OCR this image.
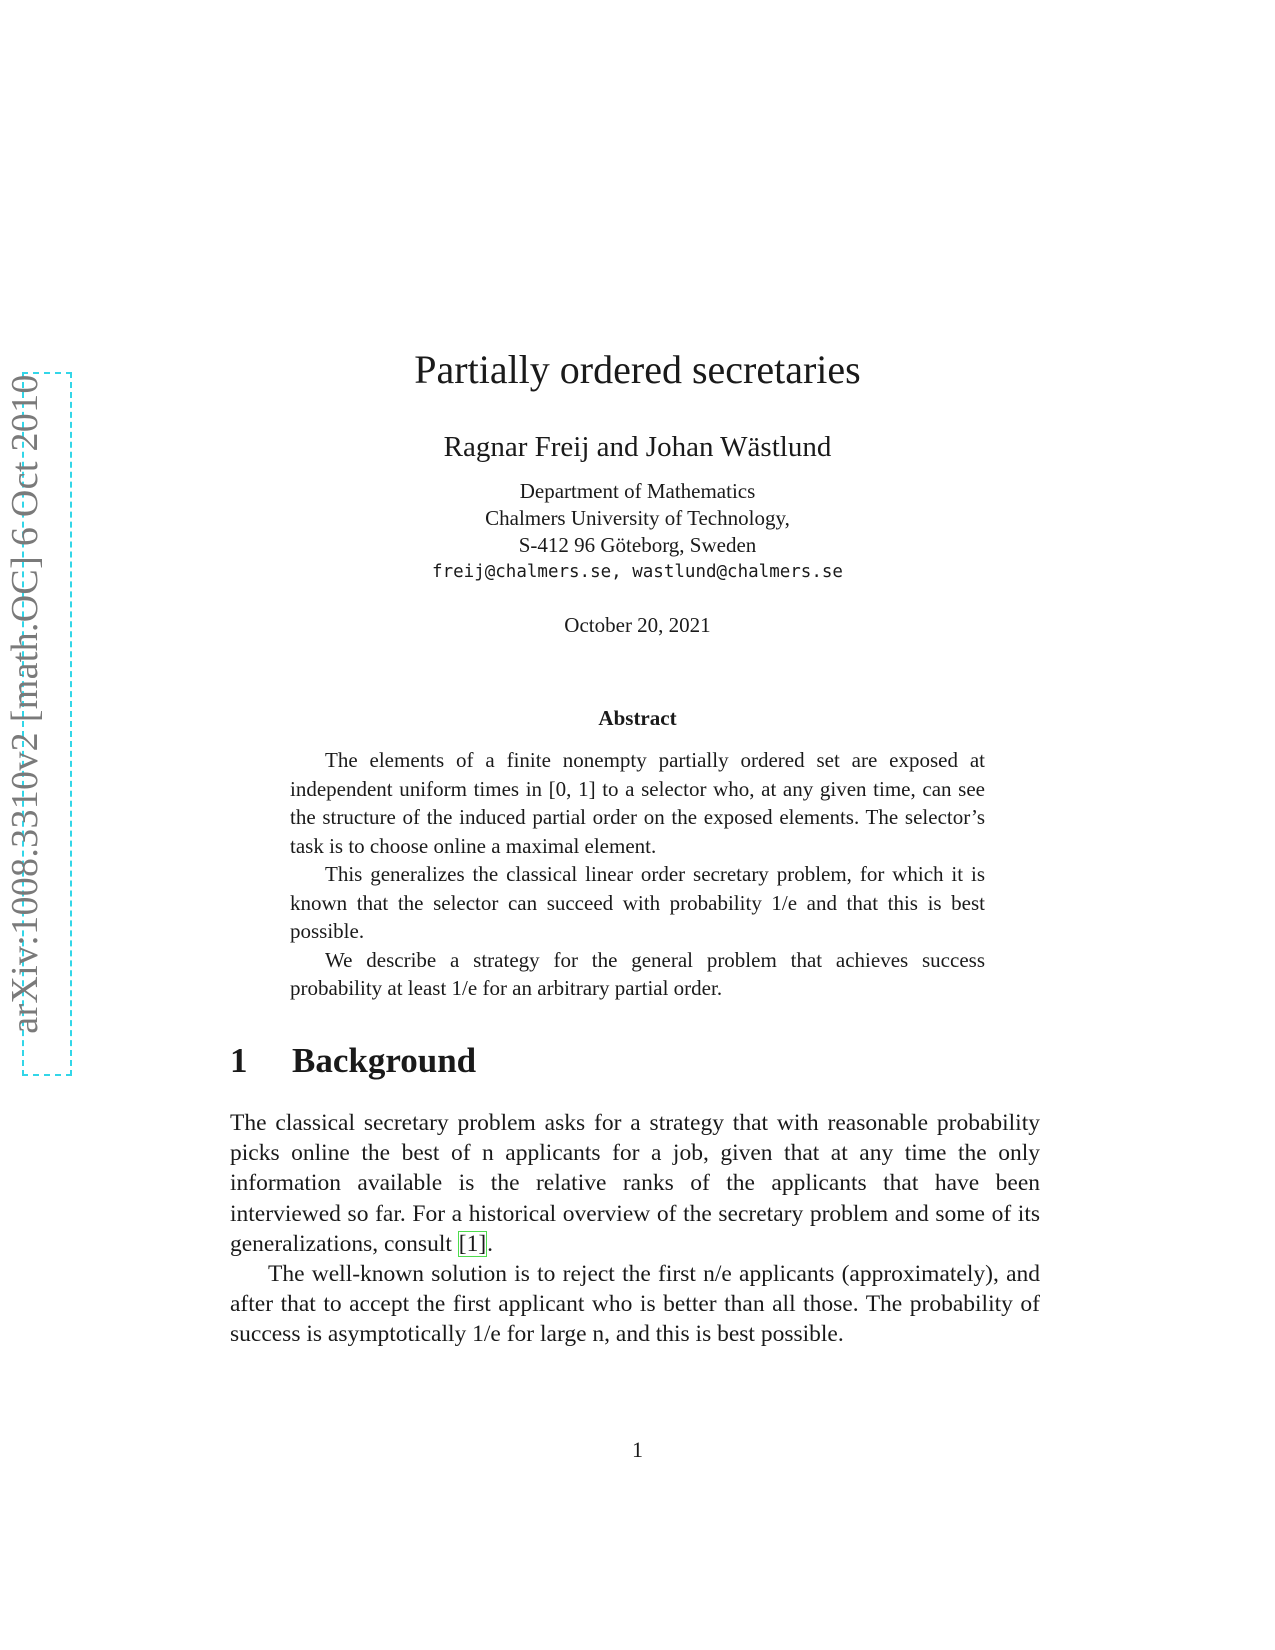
arXiv:1008.3310v2 [math.OC] 6 Oct 2010
Partially ordered secretaries
Ragnar Freij and Johan Wästlund
Department of Mathematics
Chalmers University of Technology,
S-412 96 Göteborg, Sweden
freij@chalmers.se, wastlund@chalmers.se
October 20, 2021
Abstract

The elements of a finite nonempty partially ordered set are exposed at independent uniform times in [0, 1] to a selector who, at any given time, can see the structure of the induced partial order on the exposed elements. The selector’s task is to choose online a maximal element.

This generalizes the classical linear order secretary problem, for which it is known that the selector can succeed with probability 1/e and that this is best possible.

We describe a strategy for the general problem that achieves success probability at least 1/e for an arbitrary partial order.

1 Background

The classical secretary problem asks for a strategy that with reasonable probability picks online the best of n applicants for a job, given that at any time the only information available is the relative ranks of the applicants that have been interviewed so far. For a historical overview of the secretary problem and some of its generalizations, consult [1].

The well-known solution is to reject the first n/e applicants (approximately), and after that to accept the first applicant who is better than all those. The probability of success is asymptotically 1/e for large n, and this is best possible.

1
